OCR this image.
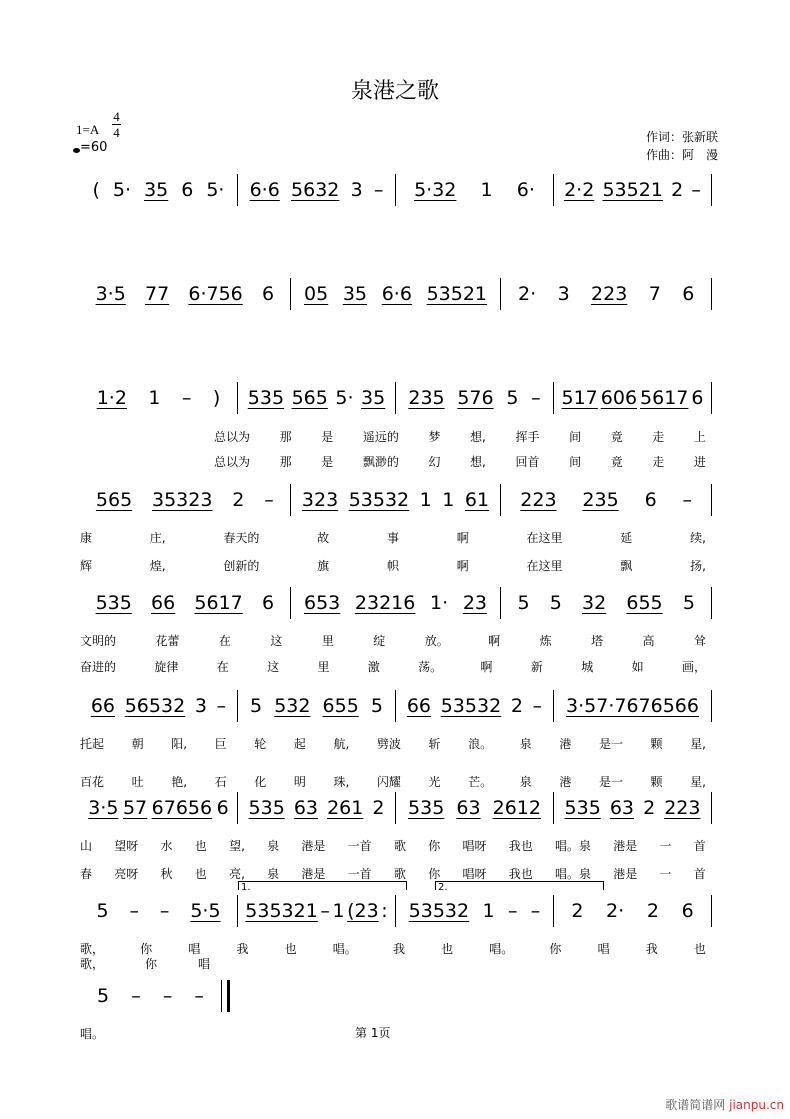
泉港之歌
1=A
4
4
=60
作词：张新联
作曲：阿　漫
( 5· 35 6 5· 6·6 5632 3 – 5·32 1 6· 2·2 53521 2 –
3·5 77 6·756 6 05 35 6·6 53521 2· 3 223 7 6
1·2 1 – ) 535 565 5· 35 235 576 5 – 517 606 5617 6
总以为 那 是 遥远的 梦 想, 挥手 间 竟 走 上
总以为 那 是 飘渺的 幻 想, 回首 间 竟 走 进
565 35323 2 – 323 53532 1 1 61 223 235 6 –
康	庄,	春天的	故	事	啊	在这里	延	续,
辉	煌,	创新的	旗	帜	啊	在这里	飘	扬,
535 66 5617 6 653 23216 1· 23 5 5 32 655 5
文明的	花蕾	在	这	里	绽	放。	啊	炼	塔	高	耸
奋进的	旋律	在	这	里	激	荡。	啊	新	城	如	画，
66 56532 3 – 5 532 655 5 66 53532 2 – 3·57·7676566
托起 朝 阳, 巨 轮 起 航, 劈波 斩 浪。 泉 港 是一 颗 星,
百花 吐 艳, 石 化 明 珠, 闪耀 光 芒。 泉 港 是一 颗 星,
3·5 57 67656 6 535 63 261 2 535 63 2612 535 63 2 223
山 望呀 水 也 望, 泉 港是 一首 歌 你 唱呀 我也 唱。泉 港是 一 首
春 亮呀 秋 也 亮, 泉 港是 一首 歌 你 唱呀 我也 唱。泉 港是 一 首
5 – – 5·5 535321 – 1 (23 : 53532 1 – – 2 2· 2 6
1.	2.
歌，	你	唱	我	也	唱。	我	也	唱。	你	唱	我	也
歌，	你	唱
5 – – –
唱。	第 1页
歌谱简谱网 jianpu.cn
